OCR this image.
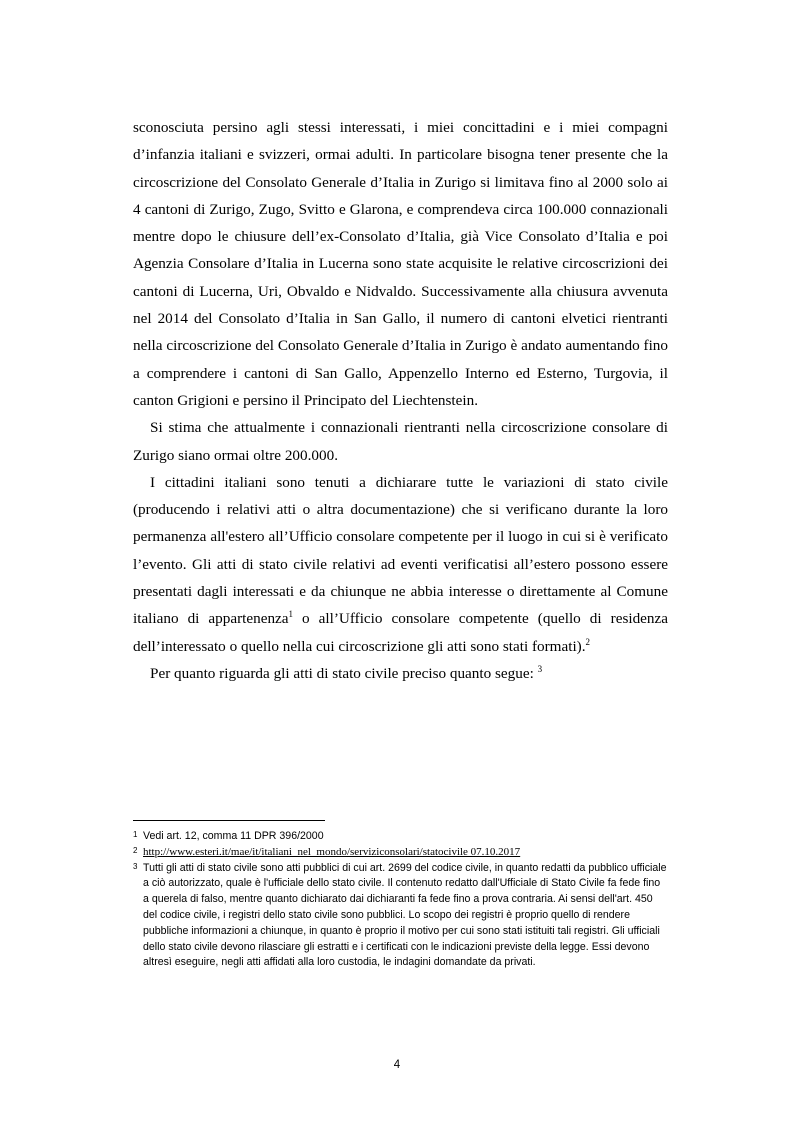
sconosciuta persino agli stessi interessati, i miei concittadini e i miei compagni d’infanzia italiani e svizzeri, ormai adulti. In particolare bisogna tener presente che la circoscrizione del Consolato Generale d’Italia in Zurigo si limitava fino al 2000 solo ai 4 cantoni di Zurigo, Zugo, Svitto e Glarona, e comprendeva circa 100.000 connazionali mentre dopo le chiusure dell’ex-Consolato d’Italia, già Vice Consolato d’Italia e poi Agenzia Consolare d’Italia in Lucerna sono state acquisite le relative circoscrizioni dei cantoni di Lucerna, Uri, Obvaldo e Nidvaldo. Successivamente alla chiusura avvenuta nel 2014 del Consolato d’Italia in San Gallo, il numero di cantoni elvetici rientranti nella circoscrizione del Consolato Generale d’Italia in Zurigo è andato aumentando fino a comprendere i cantoni di San Gallo, Appenzello Interno ed Esterno, Turgovia, il canton Grigioni e persino il Principato del Liechtenstein.

Si stima che attualmente i connazionali rientranti nella circoscrizione consolare di Zurigo siano ormai oltre 200.000.

I cittadini italiani sono tenuti a dichiarare tutte le variazioni di stato civile (producendo i relativi atti o altra documentazione) che si verificano durante la loro permanenza all'estero all’Ufficio consolare competente per il luogo in cui si è verificato l’evento. Gli atti di stato civile relativi ad eventi verificatisi all’estero possono essere presentati dagli interessati e da chiunque ne abbia interesse o direttamente al Comune italiano di appartenenza$^1$ o all’Ufficio consolare competente (quello di residenza dell’interessato o quello nella cui circoscrizione gli atti sono stati formati).$^2$

Per quanto riguarda gli atti di stato civile preciso quanto segue: $^3$

1 Vedi art. 12, comma 11 DPR 396/2000

2 http://www.esteri.it/mae/it/italiani_nel_mondo/serviziconsolari/statocivile 07.10.2017

3 Tutti gli atti di stato civile sono atti pubblici di cui art. 2699 del codice civile, in quanto redatti da pubblico ufficiale a ciò autorizzato, quale è l'ufficiale dello stato civile. Il contenuto redatto dall'Ufficiale di Stato Civile fa fede fino a querela di falso, mentre quanto dichiarato dai dichiaranti fa fede fino a prova contraria. Ai sensi dell'art. 450 del codice civile, i registri dello stato civile sono pubblici. Lo scopo dei registri è proprio quello di rendere pubbliche informazioni a chiunque, in quanto è proprio il motivo per cui sono stati istituiti tali registri. Gli ufficiali dello stato civile devono rilasciare gli estratti e i certificati con le indicazioni previste della legge. Essi devono altresì eseguire, negli atti affidati alla loro custodia, le indagini domandate da privati.

4
